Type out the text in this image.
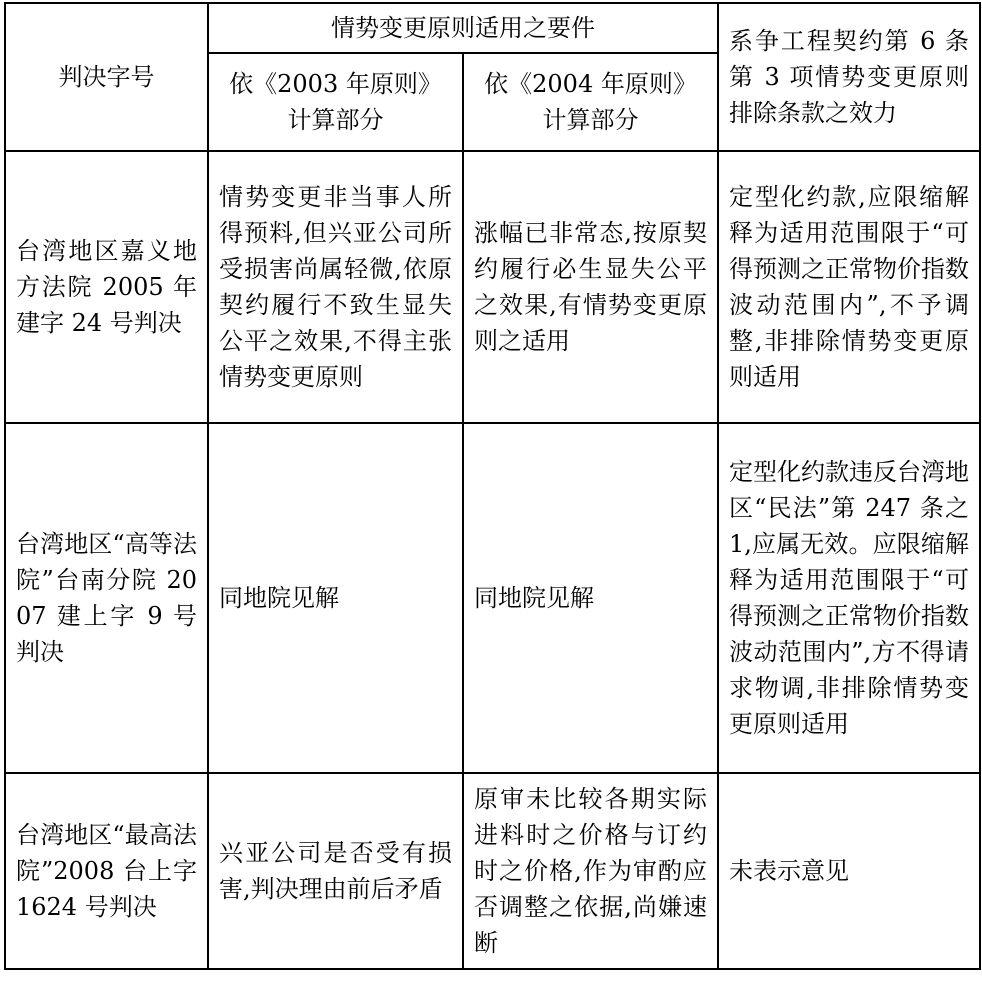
判决字号	情势变更原则适用之要件		系争工程契约第 6 条第 3 项情势变更原则排除条款之效力
	依《2003 年原则》计算部分	依《2004 年原则》计算部分	
台湾地区嘉义地方法院 2005 年建字 24 号判决	情势变更非当事人所得预料,但兴亚公司所受损害尚属轻微,依原契约履行不致生显失公平之效果,不得主张情势变更原则	涨幅已非常态,按原契约履行必生显失公平之效果,有情势变更原则之适用	定型化约款,应限缩解释为适用范围限于“可得预测之正常物价指数波动范围内”,不予调整,非排除情势变更原则适用
台湾地区“高等法院”台南分院 2007 建上字 9 号判决	同地院见解	同地院见解	定型化约款违反台湾地区“民法”第 247 条之 1,应属无效。应限缩解释为适用范围限于“可得预测之正常物价指数波动范围内”,方不得请求物调,非排除情势变更原则适用
台湾地区“最高法院”2008 台上字 1624 号判决	兴亚公司是否受有损害,判决理由前后矛盾	原审未比较各期实际进料时之价格与订约时之价格,作为审酌应否调整之依据,尚嫌速断	未表示意见
